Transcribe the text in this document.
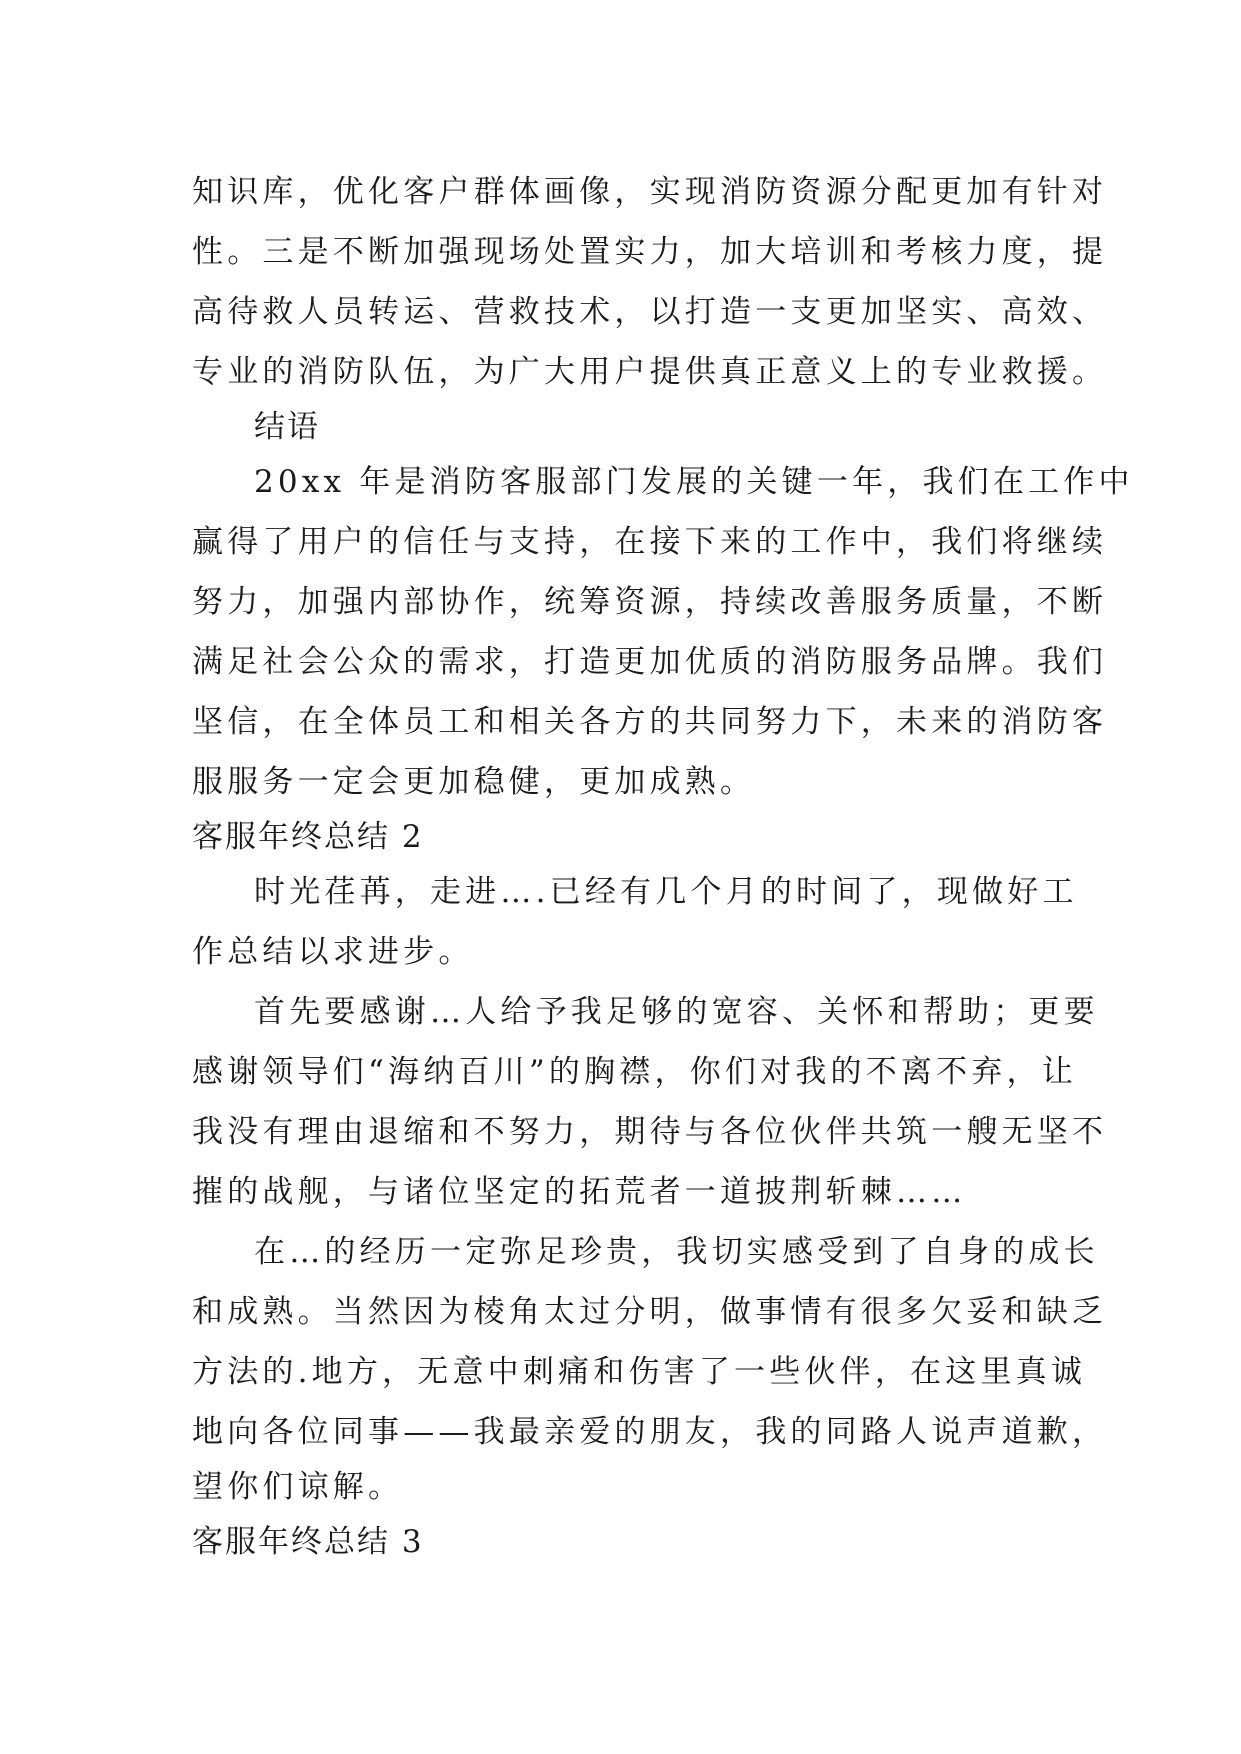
知识库，优化客户群体画像，实现消防资源分配更加有针对
性。三是不断加强现场处置实力，加大培训和考核力度，提
高待救人员转运、营救技术，以打造一支更加坚实、高效、
专业的消防队伍，为广大用户提供真正意义上的专业救援。
结语
20xx 年是消防客服部门发展的关键一年，我们在工作中
赢得了用户的信任与支持，在接下来的工作中，我们将继续
努力，加强内部协作，统筹资源，持续改善服务质量，不断
满足社会公众的需求，打造更加优质的消防服务品牌。我们
坚信，在全体员工和相关各方的共同努力下，未来的消防客
服服务一定会更加稳健，更加成熟。
客服年终总结 2
时光荏苒，走进….已经有几个月的时间了，现做好工
作总结以求进步。
首先要感谢…人给予我足够的宽容、关怀和帮助；更要
感谢领导们“海纳百川”的胸襟，你们对我的不离不弃，让
我没有理由退缩和不努力，期待与各位伙伴共筑一艘无坚不
摧的战舰，与诸位坚定的拓荒者一道披荆斩棘……
在…的经历一定弥足珍贵，我切实感受到了自身的成长
和成熟。当然因为棱角太过分明，做事情有很多欠妥和缺乏
方法的.地方，无意中刺痛和伤害了一些伙伴，在这里真诚
地向各位同事——我最亲爱的朋友，我的同路人说声道歉，
望你们谅解。
客服年终总结 3
